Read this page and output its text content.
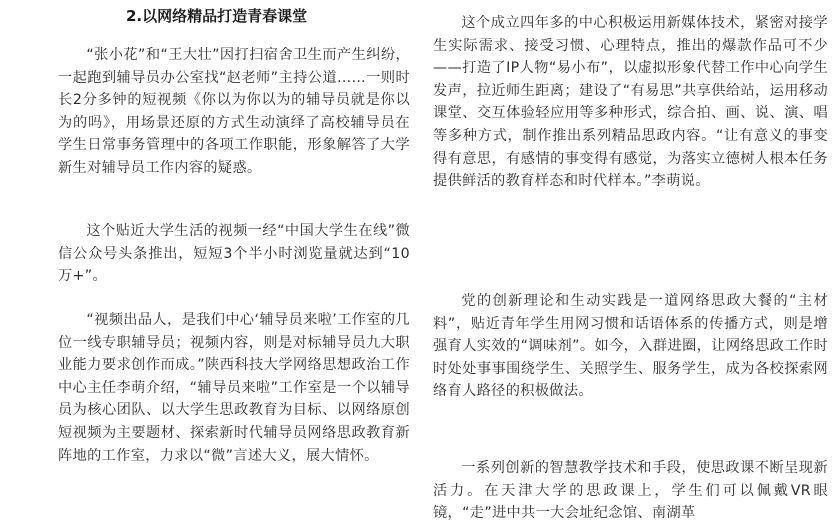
2.以网络精品打造青春课堂

“张小花”和“王大壮”因打扫宿舍卫生而产生纠纷，一起跑到辅导员办公室找“赵老师”主持公道……一则时长2分多钟的短视频《你以为你以为的辅导员就是你以为的吗》，用场景还原的方式生动演绎了高校辅导员在学生日常事务管理中的各项工作职能，形象解答了大学新生对辅导员工作内容的疑惑。

这个贴近大学生活的视频一经“中国大学生在线”微信公众号头条推出，短短3个半小时浏览量就达到“10万+”。

“视频出品人，是我们中心‘辅导员来啦’工作室的几位一线专职辅导员；视频内容，则是对标辅导员九大职业能力要求创作而成。”陕西科技大学网络思想政治工作中心主任李萌介绍，“辅导员来啦”工作室是一个以辅导员为核心团队、以大学生思政教育为目标、以网络原创短视频为主要题材、探索新时代辅导员网络思政教育新阵地的工作室，力求以“微”言述大义，展大情怀。

这个成立四年多的中心积极运用新媒体技术，紧密对接学生实际需求、接受习惯、心理特点，推出的爆款作品可不少——打造了IP人物“易小布”，以虚拟形象代替工作中心向学生发声，拉近师生距离；建设了“有易思”共享供给站，运用移动课堂、交互体验轻应用等多种形式，综合拍、画、说、演、唱等多种方式，制作推出系列精品思政内容。“让有意义的事变得有意思，有感情的事变得有感觉，为落实立德树人根本任务提供鲜活的教育样态和时代样本。”李萌说。

党的创新理论和生动实践是一道网络思政大餐的“主材料”，贴近青年学生用网习惯和话语体系的传播方式，则是增强育人实效的“调味剂”。如今，入群进圈，让网络思政工作时时处处事事围绕学生、关照学生、服务学生，成为各校探索网络育人路径的积极做法。

一系列创新的智慧教学技术和手段，使思政课不断呈现新活力。在天津大学的思政课上，学生们可以佩戴VR眼镜，“走”进中共一大会址纪念馆、南湖革
